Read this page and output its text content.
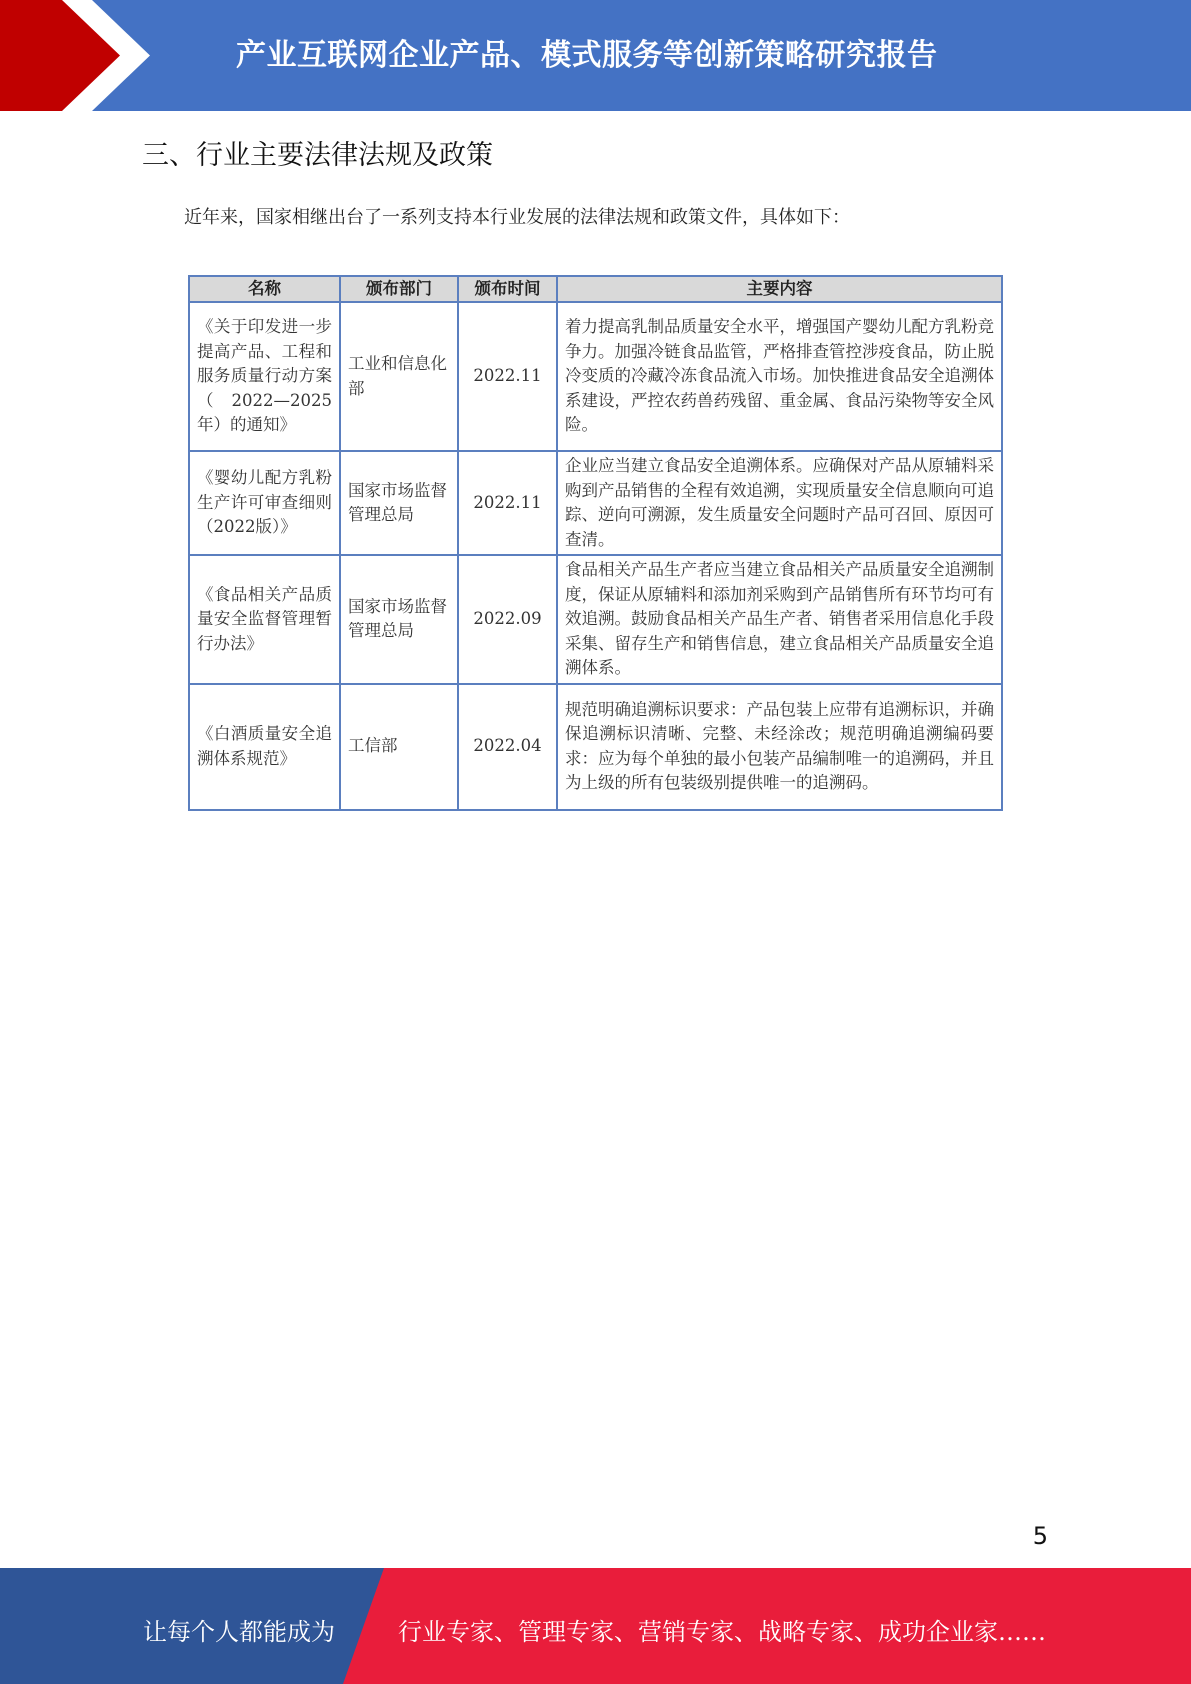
产业互联网企业产品、模式服务等创新策略研究报告
三、行业主要法律法规及政策
近年来，国家相继出台了一系列支持本行业发展的法律法规和政策文件，具体如下：
名称	颁布部门	颁布时间	主要内容
《关于印发进一步提高产品、工程和服务质量行动方案（2022—2025年）的通知》	工业和信息化部	2022.11	着力提高乳制品质量安全水平，增强国产婴幼儿配方乳粉竞争力。加强冷链食品监管，严格排查管控涉疫食品，防止脱冷变质的冷藏冷冻食品流入市场。加快推进食品安全追溯体系建设，严控农药兽药残留、重金属、食品污染物等安全风险。
《婴幼儿配方乳粉生产许可审查细则（2022版）》	国家市场监督管理总局	2022.11	企业应当建立食品安全追溯体系。应确保对产品从原辅料采购到产品销售的全程有效追溯，实现质量安全信息顺向可追踪、逆向可溯源，发生质量安全问题时产品可召回、原因可查清。
《食品相关产品质量安全监督管理暂行办法》	国家市场监督管理总局	2022.09	食品相关产品生产者应当建立食品相关产品质量安全追溯制度，保证从原辅料和添加剂采购到产品销售所有环节均可有效追溯。鼓励食品相关产品生产者、销售者采用信息化手段采集、留存生产和销售信息，建立食品相关产品质量安全追溯体系。
《白酒质量安全追溯体系规范》	工信部	2022.04	规范明确追溯标识要求：产品包装上应带有追溯标识，并确保追溯标识清晰、完整、未经涂改；规范明确追溯编码要求：应为每个单独的最小包装产品编制唯一的追溯码，并且为上级的所有包装级别提供唯一的追溯码。
5
让每个人都能成为	行业专家、管理专家、营销专家、战略专家、成功企业家……
